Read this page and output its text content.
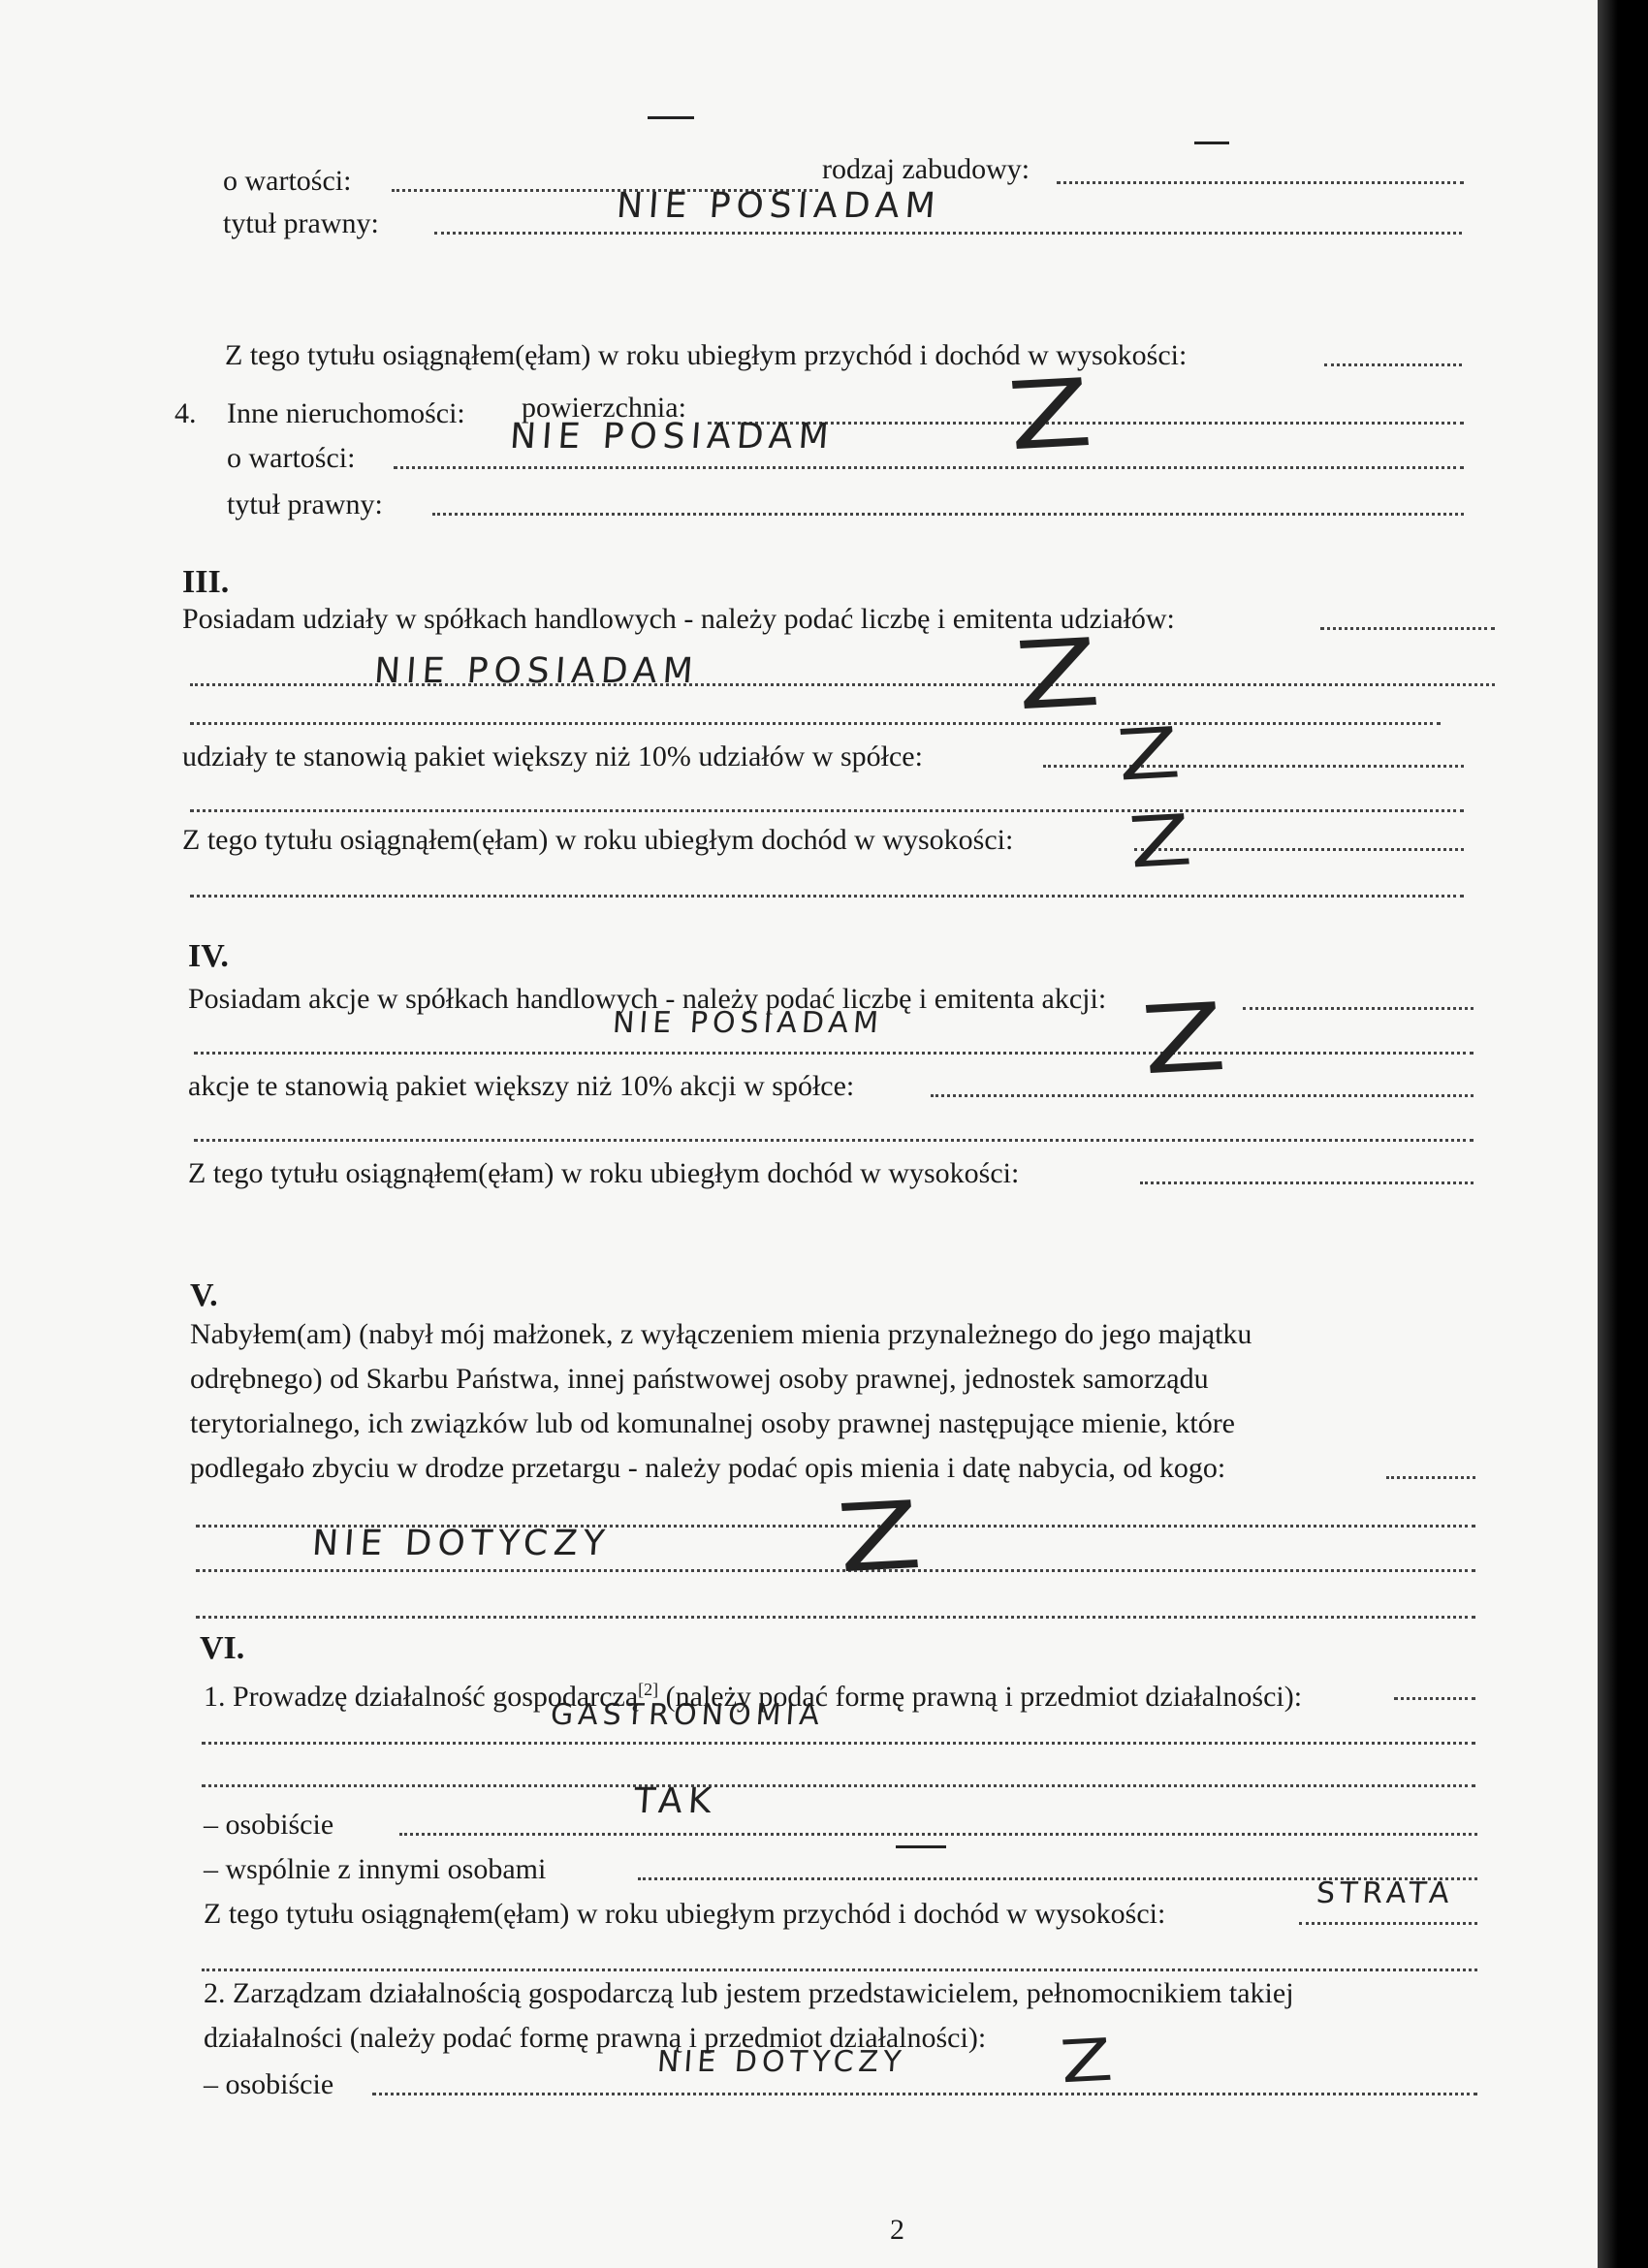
o wartości:	rodzaj zabudowy:
tytuł prawny:	NIE POSIADAM
Z tego tytułu osiągnąłem(ęłam) w roku ubiegłym przychód i dochód w wysokości:
4. Inne nieruchomości: powierzchnia:
o wartości:
NIE POSIADAM Z
tytuł prawny:
III.
Posiadam udziały w spółkach handlowych - należy podać liczbę i emitenta udziałów:
NIE POSIADAM	Z
udziały te stanowią pakiet większy niż 10% udziałów w spółce:	Z
Z tego tytułu osiągnąłem(ęłam) w roku ubiegłym dochód w wysokości: Z
IV.
Posiadam akcje w spółkach handlowych - należy podać liczbę i emitenta akcji:
NIE POSIADAM	Z
akcje te stanowią pakiet większy niż 10% akcji w spółce:
Z tego tytułu osiągnąłem(ęłam) w roku ubiegłym dochód w wysokości:
V.
Nabyłem(am) (nabył mój małżonek, z wyłączeniem mienia przynależnego do jego majątku
odrębnego) od Skarbu Państwa, innej państwowej osoby prawnej, jednostek samorządu
terytorialnego, ich związków lub od komunalnej osoby prawnej następujące mienie, które
podlegało zbyciu w drodze przetargu - należy podać opis mienia i datę nabycia, od kogo:
NIE DOTYCZY Z
VI.
1. Prowadzę działalność gospodarczą[2] (należy podać formę prawną i przedmiot działalności):
GASTRONOMIA
– osobiście
TAK
– wspólnie z innymi osobami
Z tego tytułu osiągnąłem(ęłam) w roku ubiegłym przychód i dochód w wysokości:
STRATA
2. Zarządzam działalnością gospodarczą lub jestem przedstawicielem, pełnomocnikiem takiej
działalności (należy podać formę prawną i przedmiot działalności):
– osobiście
NIE DOTYCZY	Z
2
